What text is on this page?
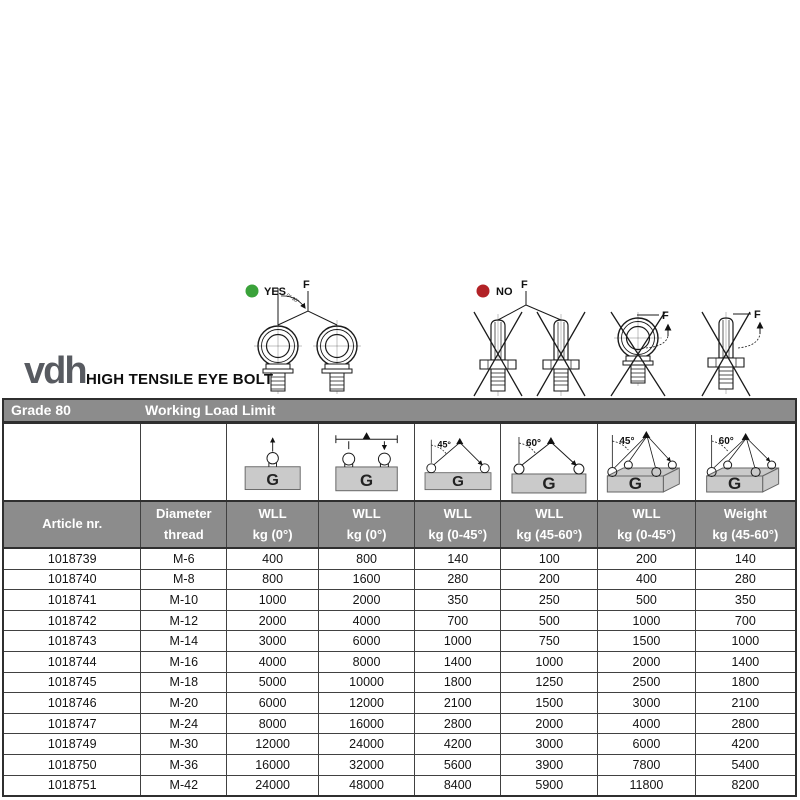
YES
F
0°-90°
NO
F
F	F
vdh HIGH TENSILE EYE BOLT
Grade 80	Working Load Limit

G	G	G
45°	G
60°	G
45°	G
60°

Article nr.

Diameter
thread

WLL
kg (0°)

WLL
kg (0°)

WLL
kg (0-45°)

WLL
kg (45-60°)

WLL
kg (0-45°)

Weight
kg (45-60°)

1018739	M-6	400	800	140	100	200	140
1018740	M-8	800	1600	280	200	400	280
1018741	M-10	1000	2000	350	250	500	350
1018742	M-12	2000	4000	700	500	1000	700
1018743	M-14	3000	6000	1000	750	1500	1000
1018744	M-16	4000	8000	1400	1000	2000	1400
1018745	M-18	5000	10000	1800	1250	2500	1800
1018746	M-20	6000	12000	2100	1500	3000	2100
1018747	M-24	8000	16000	2800	2000	4000	2800
1018749	M-30	12000	24000	4200	3000	6000	4200
1018750	M-36	16000	32000	5600	3900	7800	5400
1018751	M-42	24000	48000	8400	5900	11800	8200
